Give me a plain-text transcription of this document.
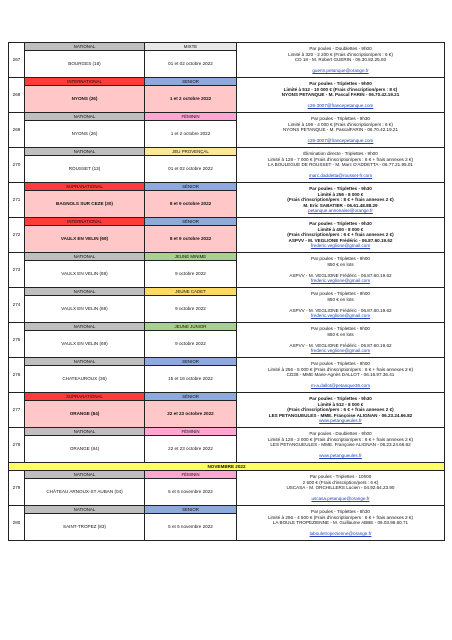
267	NATIONAL	MIXTE	Par poules - Doublettes - 9h00
Limité à 320 - 2 200 € (Frais d'inscription/pers : 6 €)
CD 18 - M. Robert GUERIN - 06.30.82.25.93

guerin.petanque@orange.fr

	BOURGES (18)	01 et 02 octobre 2022	
268	INTERNATIONAL	SENIOR	Par poules - Triplettes - 9h00
Limité à 512 - 10 000 € (Frais d'inscription/pers : 8 €)
NYONS PETANQUE - M. Pascal FARIN - 06.70.42.19.21

c26-3007@francepetanque.com

	NYONS (26)	1 et 2 octobre 2022	
269	NATIONAL	FÉMININ	Par poules - Triplettes - 9h30
Limité à 196 - 4 000 € (Frais d'inscription/pers : 6 €)
NYONS PETANQUE - M. PascalFARIN - 06.70.42.19.21

c26-3007@francepetanque.com

	NYONS (26)	1 et 2 octobre 2022	
270	NATIONAL	JEU PROVENÇAL	Élimination directe - Triplettes - 9h00
Limité à 128 - 7 000 € (Frais d'inscription/pers : 6 € + frais annexes 2 €)
LA BOULEGUE DE ROUSSET - M. Marc D'ADDETTA - 06.77.21.95.01

marc.daddetta@rousset-fr.com

	ROUSSET (13)	01 et 02 octobre 2022	
271	SUPRANATIONAL	SÉNIOR	Par poules - Triplettes - 9h30
Limité à 256 - 8 000 €
(Frais d'inscription/pers : 8 € + frais annexes 2 €)
M. Eric SABATIER - 06.61.48.88.29
petanque.annonaise@orange.fr

	BAGNOLS SUR CEZE (30)	8 et 9 octobre 2022	
272	INTERNATIONAL	SÉNIOR	Par poules - Triplettes - 9h30
Limité à 400 - 8 000 €
(Frais d'inscription/pers : 6 € + frais annexes 2 €)
ASPVV - M. VEGLIONE Frédéric - 06.87.60.19.62
frederic.veglione@gmail.com

	VAULX EN VELIN (69)	8 et 9 octobre 2022	
273	NATIONAL	JEUNE MINIME	Par poules - Triplettes - 9h00
850 € en lots

ASPVV - M. VEGLIONE Frédéric - 06.87.60.19.62
frederic.veglione@gmail.com

	VAULX EN VELIN (69)	9 octobre 2022	
274	NATIONAL	JEUNE CADET	Par poules - Triplettes - 9h00
850 € en lots

ASPVV - M. VEGLIONE Frédéric - 06.87.60.19.62
frederic.veglione@gmail.com

	VAULX EN VELIN (69)	9 octobre 2022	
275	NATIONAL	JEUNE JUNIOR	Par poules - Triplettes - 9h00
850 € en lots

ASPVV - M. VEGLIONE Frédéric - 06.87.60.19.62
frederic.veglione@gmail.com

	VAULX EN VELIN (69)	9 octobre 2022	
276	NATIONAL	SENIOR	Par poules - Triplettes - 9h00
Limité à 256 - 5 000 € (Frais d'inscription/pers : 6 € + frais annexes 2 €)
CD36 - MME Marie-Agnès DALLOT - 06.16.97.36.41

m-a.dallot@petanque36.com

	CHATEAUROUX (36)	15 et 16 octobre 2022	
277	SUPRANATIONAL	SÉNIOR	Par poules - Triplettes - 9h30
Limité à 512 - 8 000 €
(Frais d'inscription/pers : 6 € + frais annexes 2 €)
LES PETANGUEULES - MME. Françoise ALIGNAN - 06.23.24.66.82
www.petangueules.fr

	ORANGE (84)	22 et 23 octobre 2022	
278	NATIONAL	FÉMININ	Par poules - Doublettes - 9h00
Limité à 128 - 2 000 € (Frais d'inscription/pers : 6 € + frais annexes 2 €)
LES PETANGUEULES - MME. Françoise ALIGNAN - 06.23.24.66.82

www.petangueules.fr

	ORANGE (84)	22 et 23 octobre 2022	
NOVEMBRE 2022			
279	NATIONAL	FÉMININ	Par poules - Triplettes - 10h00
2 500 € (Frais d'inscription/pers : 6 €)
USCASA - M. ORCHILLERS Lucien - 04.92.64.23.90

uscasa.petanque@orange.fr

	CHÂTEAU ARNOUX-ST AUBAN (04)	5 et 6 novembre 2022	
280	NATIONAL	SENIOR	Par poules - Triplettes - 8h30
Limité à 256 - 4 500 € (Frais d'inscription/pers : 6 € + frais annexes 2 €)
LA BOULE TROPEZIENNE - M. Guillaume ABBE - 06.03.96.60.71

labouletropezienne@orange.fr

	SAINT-TROPEZ (83)	5 et 6 novembre 2022	
